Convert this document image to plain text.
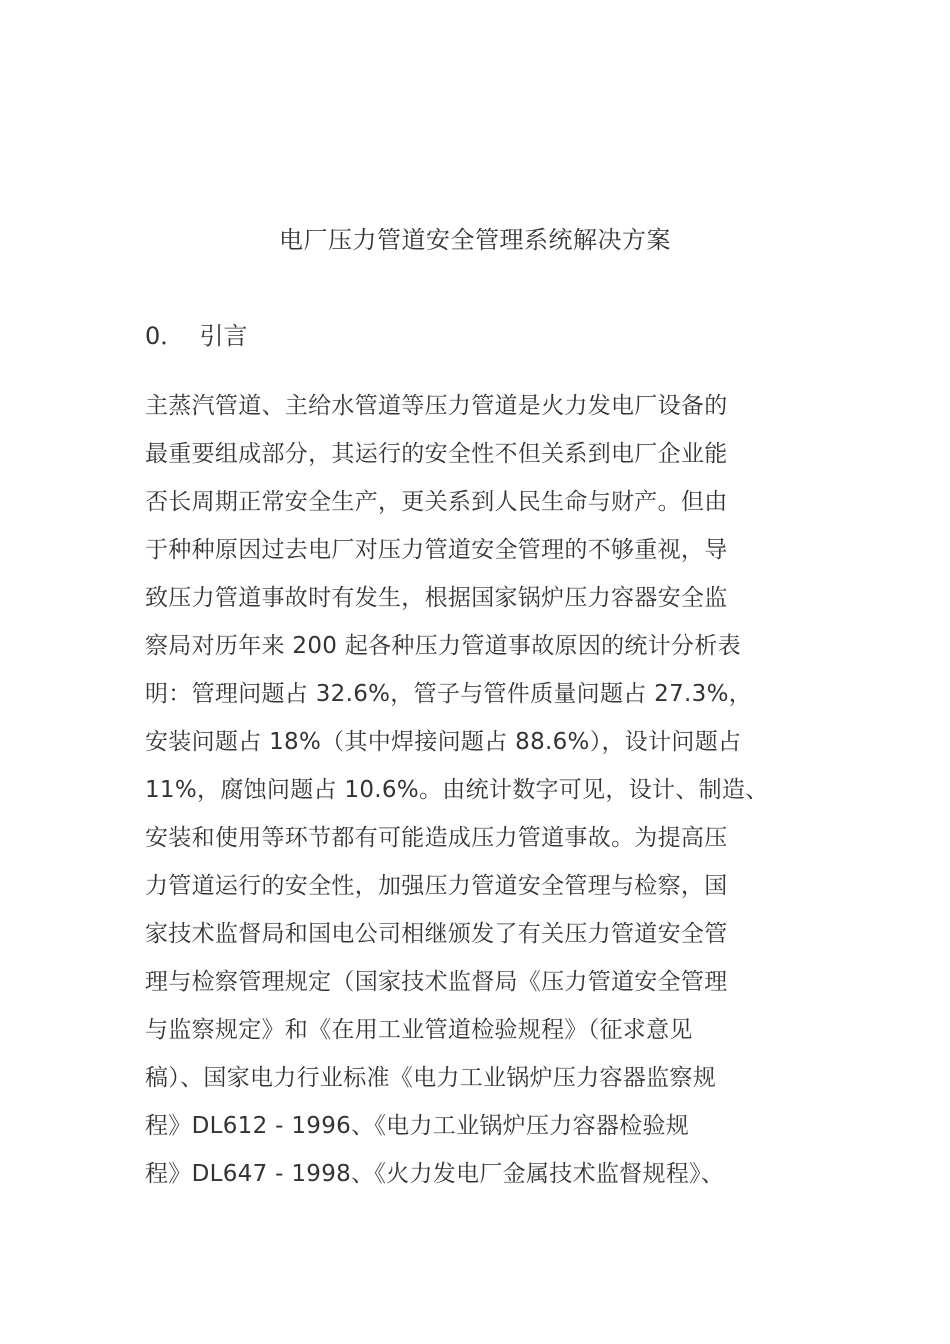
电厂压力管道安全管理系统解决方案
0．  引言
主蒸汽管道、主给水管道等压力管道是火力发电厂设备的
最重要组成部分，其运行的安全性不但关系到电厂企业能
否长周期正常安全生产，更关系到人民生命与财产。但由
于种种原因过去电厂对压力管道安全管理的不够重视，导
致压力管道事故时有发生，根据国家锅炉压力容器安全监
察局对历年来 200 起各种压力管道事故原因的统计分析表
明：管理问题占 32.6%，管子与管件质量问题占 27.3%，
安装问题占 18%（其中焊接问题占 88.6%），设计问题占
11%，腐蚀问题占 10.6%。由统计数字可见，设计、制造、
安装和使用等环节都有可能造成压力管道事故。为提高压
力管道运行的安全性，加强压力管道安全管理与检察，国
家技术监督局和国电公司相继颁发了有关压力管道安全管
理与检察管理规定（国家技术监督局《压力管道安全管理
与监察规定》和《在用工业管道检验规程》（征求意见
稿）、国家电力行业标准《电力工业锅炉压力容器监察规
程》DL612 - 1996、《电力工业锅炉压力容器检验规
程》DL647 - 1998、《火力发电厂金属技术监督规程》、
